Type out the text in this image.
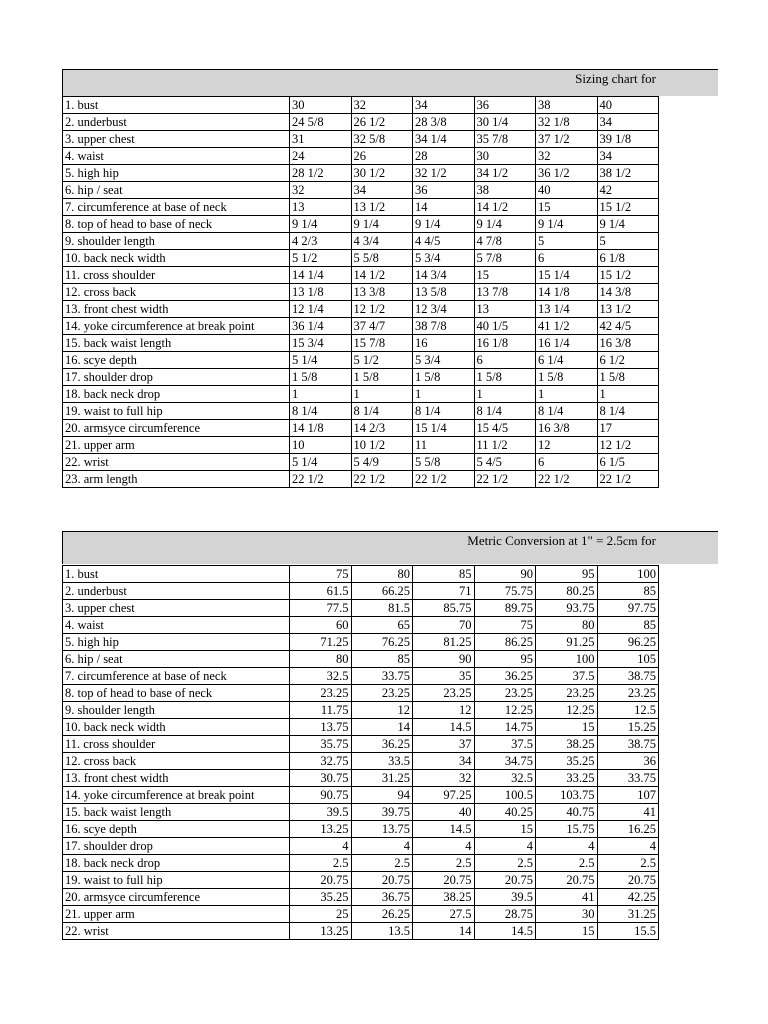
Sizing chart for
1. bust	30	32	34	36	38	40
2. underbust	24 5/8	26 1/2	28 3/8	30 1/4	32 1/8	34
3. upper chest	31	32 5/8	34 1/4	35 7/8	37 1/2	39 1/8
4. waist	24	26	28	30	32	34
5. high hip	28 1/2	30 1/2	32 1/2	34 1/2	36 1/2	38 1/2
6. hip / seat	32	34	36	38	40	42
7. circumference at base of neck	13	13 1/2	14	14 1/2	15	15 1/2
8. top of head to base of neck	9 1/4	9 1/4	9 1/4	9 1/4	9 1/4	9 1/4
9. shoulder length	4 2/3	4 3/4	4 4/5	4 7/8	5	5
10. back neck width	5 1/2	5 5/8	5 3/4	5 7/8	6	6 1/8
11. cross shoulder	14 1/4	14 1/2	14 3/4	15	15 1/4	15 1/2
12. cross back	13 1/8	13 3/8	13 5/8	13 7/8	14 1/8	14 3/8
13. front chest width	12 1/4	12 1/2	12 3/4	13	13 1/4	13 1/2
14. yoke circumference at break point	36 1/4	37 4/7	38 7/8	40 1/5	41 1/2	42 4/5
15. back waist length	15 3/4	15 7/8	16	16 1/8	16 1/4	16 3/8
16. scye depth	5 1/4	5 1/2	5 3/4	6	6 1/4	6 1/2
17. shoulder drop	1 5/8	1 5/8	1 5/8	1 5/8	1 5/8	1 5/8
18. back neck drop	1	1	1	1	1	1
19. waist to full hip	8 1/4	8 1/4	8 1/4	8 1/4	8 1/4	8 1/4
20. armsyce circumference	14 1/8	14 2/3	15 1/4	15 4/5	16 3/8	17
21. upper arm	10	10 1/2	11	11 1/2	12	12 1/2
22. wrist	5 1/4	5 4/9	5 5/8	5 4/5	6	6 1/5
23. arm length	22 1/2	22 1/2	22 1/2	22 1/2	22 1/2	22 1/2
Metric Conversion at 1" = 2.5cm for
1. bust	75	80	85	90	95	100
2. underbust	61.5	66.25	71	75.75	80.25	85
3. upper chest	77.5	81.5	85.75	89.75	93.75	97.75
4. waist	60	65	70	75	80	85
5. high hip	71.25	76.25	81.25	86.25	91.25	96.25
6. hip / seat	80	85	90	95	100	105
7. circumference at base of neck	32.5	33.75	35	36.25	37.5	38.75
8. top of head to base of neck	23.25	23.25	23.25	23.25	23.25	23.25
9. shoulder length	11.75	12	12	12.25	12.25	12.5
10. back neck width	13.75	14	14.5	14.75	15	15.25
11. cross shoulder	35.75	36.25	37	37.5	38.25	38.75
12. cross back	32.75	33.5	34	34.75	35.25	36
13. front chest width	30.75	31.25	32	32.5	33.25	33.75
14. yoke circumference at break point	90.75	94	97.25	100.5	103.75	107
15. back waist length	39.5	39.75	40	40.25	40.75	41
16. scye depth	13.25	13.75	14.5	15	15.75	16.25
17. shoulder drop	4	4	4	4	4	4
18. back neck drop	2.5	2.5	2.5	2.5	2.5	2.5
19. waist to full hip	20.75	20.75	20.75	20.75	20.75	20.75
20. armsyce circumference	35.25	36.75	38.25	39.5	41	42.25
21. upper arm	25	26.25	27.5	28.75	30	31.25
22. wrist	13.25	13.5	14	14.5	15	15.5
